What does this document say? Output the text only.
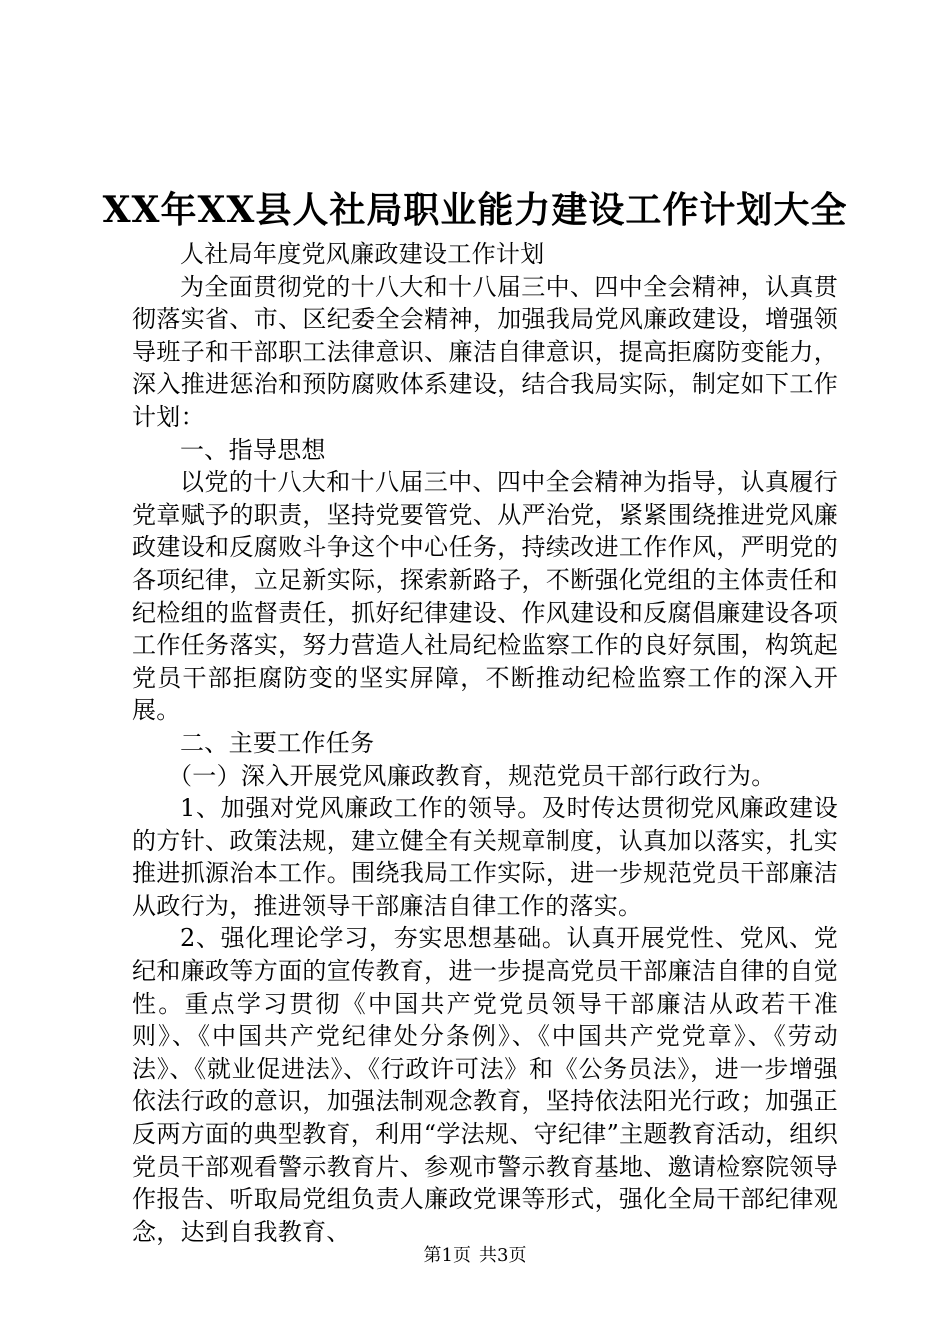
XX年XX县人社局职业能力建设工作计划大全

人社局年度党风廉政建设工作计划

为全面贯彻党的十八大和十八届三中、四中全会精神，认真贯彻落实省、市、区纪委全会精神，加强我局党风廉政建设，增强领导班子和干部职工法律意识、廉洁自律意识，提高拒腐防变能力，深入推进惩治和预防腐败体系建设，结合我局实际，制定如下工作计划：

一、指导思想

以党的十八大和十八届三中、四中全会精神为指导，认真履行党章赋予的职责，坚持党要管党、从严治党，紧紧围绕推进党风廉政建设和反腐败斗争这个中心任务，持续改进工作作风，严明党的各项纪律，立足新实际，探索新路子，不断强化党组的主体责任和纪检组的监督责任，抓好纪律建设、作风建设和反腐倡廉建设各项工作任务落实，努力营造人社局纪检监察工作的良好氛围，构筑起党员干部拒腐防变的坚实屏障，不断推动纪检监察工作的深入开展。

二、主要工作任务

（一）深入开展党风廉政教育，规范党员干部行政行为。

1、加强对党风廉政工作的领导。及时传达贯彻党风廉政建设的方针、政策法规，建立健全有关规章制度，认真加以落实，扎实推进抓源治本工作。围绕我局工作实际，进一步规范党员干部廉洁从政行为，推进领导干部廉洁自律工作的落实。

2、强化理论学习，夯实思想基础。认真开展党性、党风、党纪和廉政等方面的宣传教育，进一步提高党员干部廉洁自律的自觉性。重点学习贯彻《中国共产党党员领导干部廉洁从政若干准则》、《中国共产党纪律处分条例》、《中国共产党党章》、《劳动法》、《就业促进法》、《行政许可法》和《公务员法》，进一步增强依法行政的意识，加强法制观念教育，坚持依法阳光行政；加强正反两方面的典型教育，利用“学法规、守纪律”主题教育活动，组织党员干部观看警示教育片、参观市警示教育基地、邀请检察院领导作报告、听取局党组负责人廉政党课等形式，强化全局干部纪律观念，达到自我教育、

第1页 共3页
